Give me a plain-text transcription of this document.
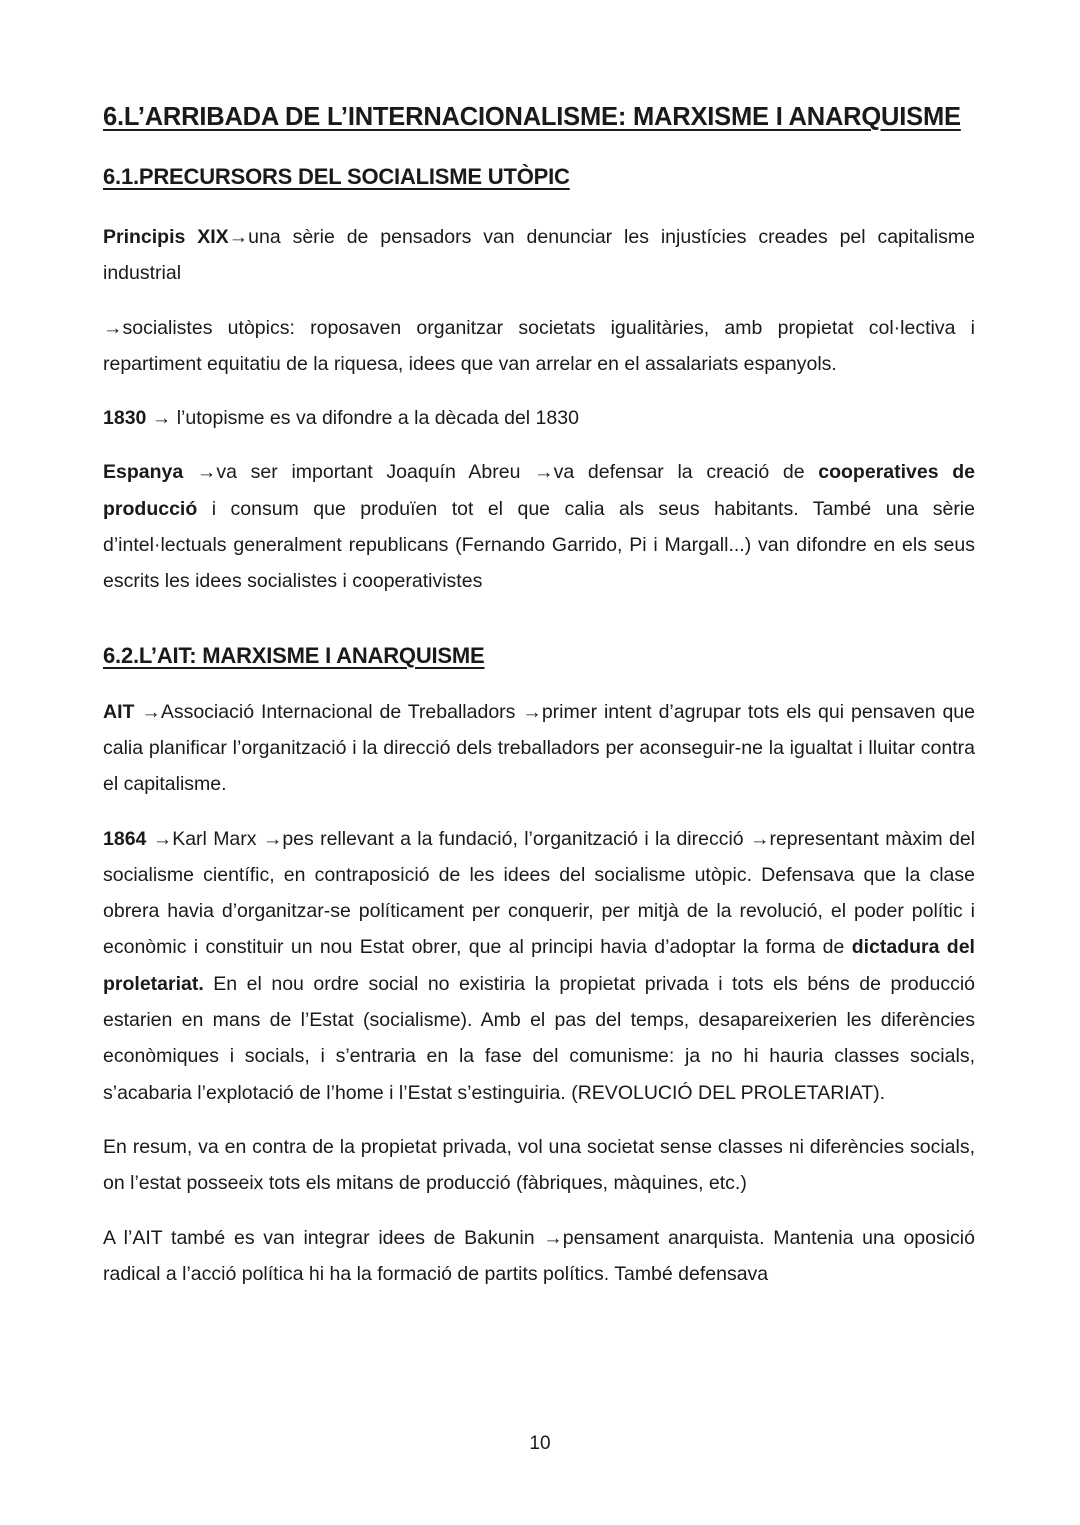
6.L’ARRIBADA DE L’INTERNACIONALISME: MARXISME I ANARQUISME
6.1.PRECURSORS DEL SOCIALISME UTÒPIC

Principis XIX→una sèrie de pensadors van denunciar les injustícies creades pel capitalisme industrial

→socialistes utòpics: roposaven organitzar societats igualitàries, amb propietat col·lectiva i repartiment equitatiu de la riquesa, idees que van arrelar en el assalariats espanyols.

1830 → l’utopisme es va difondre a la dècada del 1830

Espanya →va ser important Joaquín Abreu →va defensar la creació de cooperatives de producció i consum que produïen tot el que calia als seus habitants. També una sèrie d’intel·lectuals generalment republicans (Fernando Garrido, Pi i Margall...) van difondre en els seus escrits les idees socialistes i cooperativistes

6.2.L’AIT: MARXISME I ANARQUISME

AIT →Associació Internacional de Treballadors →primer intent d’agrupar tots els qui pensaven que calia planificar l’organització i la direcció dels treballadors per aconseguir-ne la igualtat i lluitar contra el capitalisme.

1864 →Karl Marx →pes rellevant a la fundació, l’organització i la direcció →representant màxim del socialisme científic, en contraposició de les idees del socialisme utòpic. Defensava que la clase obrera havia d’organitzar-se políticament per conquerir, per mitjà de la revolució, el poder polític i econòmic i constituir un nou Estat obrer, que al principi havia d’adoptar la forma de dictadura del proletariat. En el nou ordre social no existiria la propietat privada i tots els béns de producció estarien en mans de l’Estat (socialisme). Amb el pas del temps, desapareixerien les diferències econòmiques i socials, i s’entraria en la fase del comunisme: ja no hi hauria classes socials, s’acabaria l’explotació de l’home i l’Estat s’estinguiria. (REVOLUCIÓ DEL PROLETARIAT).

En resum, va en contra de la propietat privada, vol una societat sense classes ni diferències socials, on l’estat posseeix tots els mitans de producció (fàbriques, màquines, etc.)

A l’AIT també es van integrar idees de Bakunin →pensament anarquista. Mantenia una oposició radical a l’acció política hi ha la formació de partits polítics. També defensava

10
